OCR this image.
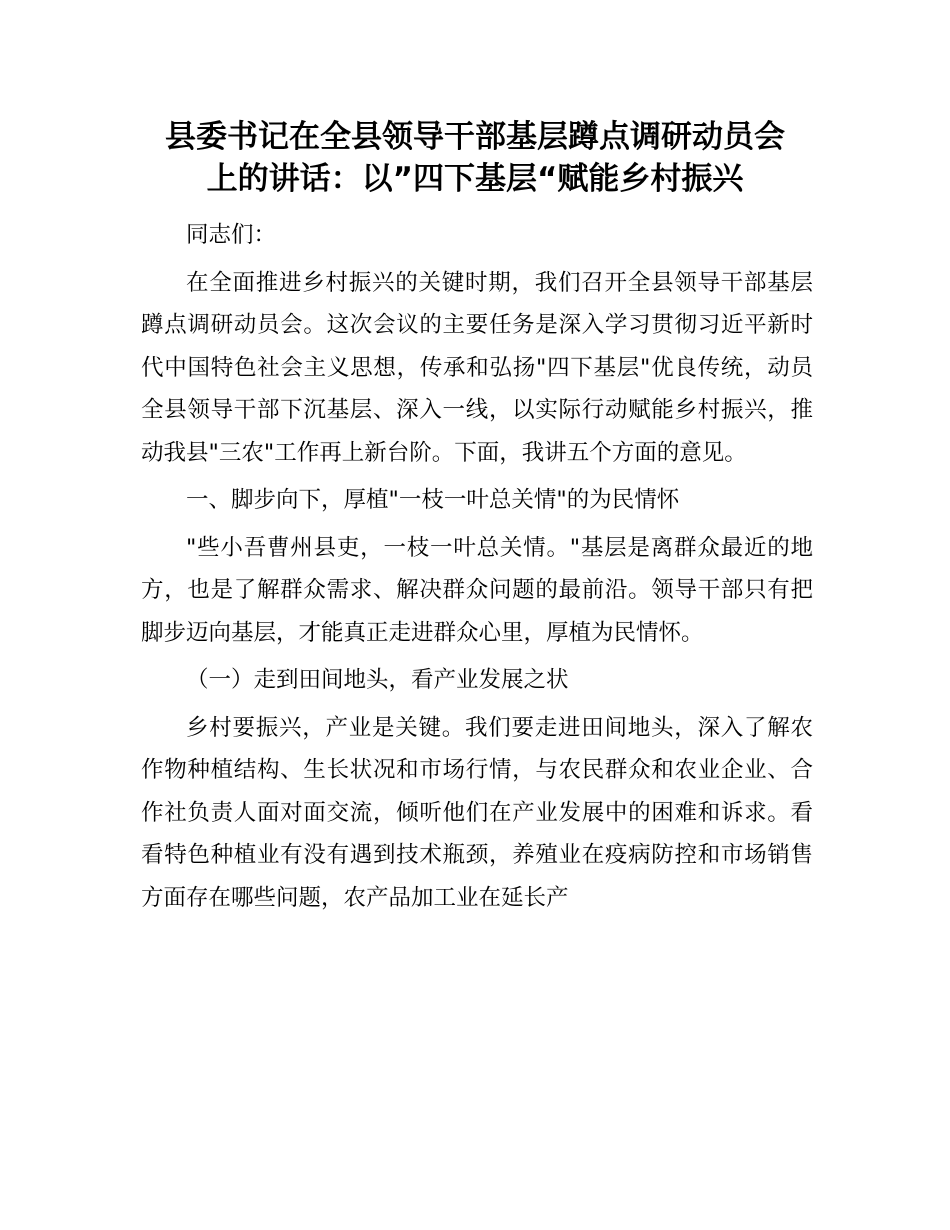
县委书记在全县领导干部基层蹲点调研动员会
上的讲话：以”四下基层“赋能乡村振兴

同志们：

在全面推进乡村振兴的关键时期，我们召开全县领导干部基层蹲点调研动员会。这次会议的主要任务是深入学习贯彻习近平新时代中国特色社会主义思想，传承和弘扬"四下基层"优良传统，动员全县领导干部下沉基层、深入一线，以实际行动赋能乡村振兴，推动我县"三农"工作再上新台阶。下面，我讲五个方面的意见。

一、脚步向下，厚植"一枝一叶总关情"的为民情怀

"些小吾曹州县吏，一枝一叶总关情。"基层是离群众最近的地方，也是了解群众需求、解决群众问题的最前沿。领导干部只有把脚步迈向基层，才能真正走进群众心里，厚植为民情怀。

（一）走到田间地头，看产业发展之状

乡村要振兴，产业是关键。我们要走进田间地头，深入了解农作物种植结构、生长状况和市场行情，与农民群众和农业企业、合作社负责人面对面交流，倾听他们在产业发展中的困难和诉求。看看特色种植业有没有遇到技术瓶颈，养殖业在疫病防控和市场销售方面存在哪些问题，农产品加工业在延长产
